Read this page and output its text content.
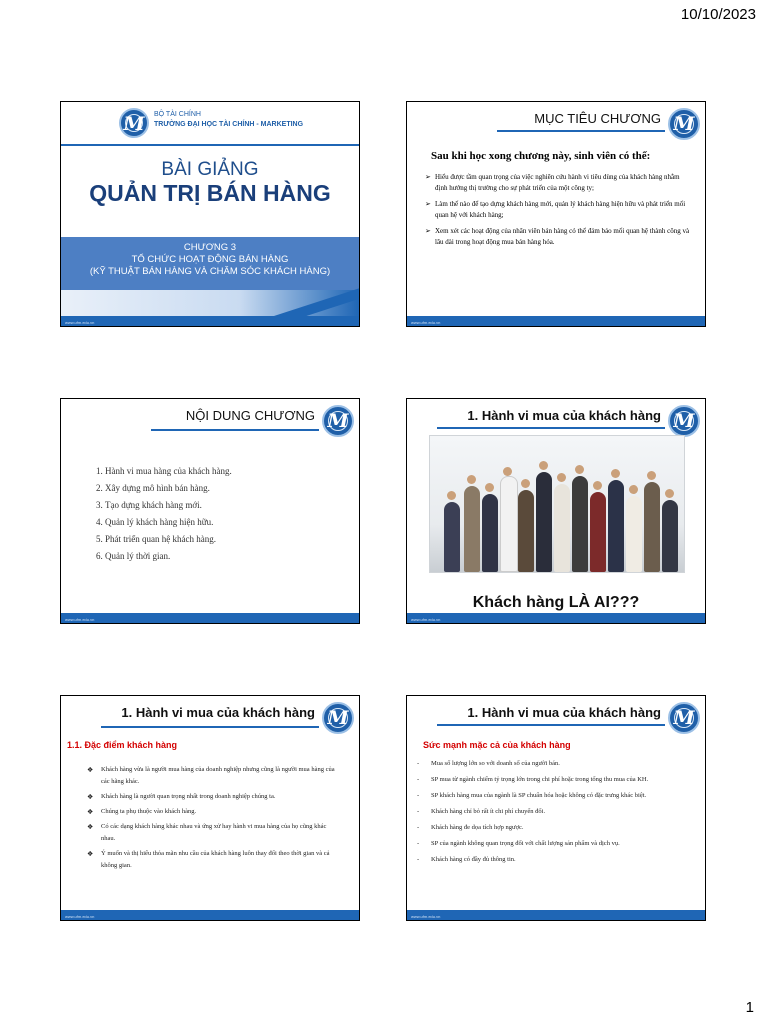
10/10/2023
M	BỘ TÀI CHÍNH
TRƯỜNG ĐẠI HỌC TÀI CHÍNH - MARKETING
BÀI GIẢNG
QUẢN TRỊ BÁN HÀNG
CHƯƠNG 3
TỔ CHỨC HOẠT ĐỘNG BÁN HÀNG
(KỸ THUẬT BÁN HÀNG VÀ CHĂM SÓC KHÁCH HÀNG)
www.ufm.edu.vn
MỤC TIÊU CHƯƠNG M
Sau khi học xong chương này, sinh viên có thể:
➢ Hiểu được tầm quan trọng của việc nghiên cứu hành vi tiêu dùng của khách hàng nhằm định hướng thị trường cho sự phát triển của một công ty;
➢ Làm thế nào để tạo dựng khách hàng mới, quản lý khách hàng hiện hữu và phát triển mối quan hệ với khách hàng;
➢ Xem xét các hoạt động của nhân viên bán hàng có thể đảm bảo mối quan hệ thành công và lâu dài trong hoạt động mua bán hàng hóa.
www.ufm.edu.vn
NỘI DUNG CHƯƠNG M
1. Hành vi mua hàng của khách hàng.
2. Xây dựng mô hình bán hàng.
3. Tạo dựng khách hàng mới.
4. Quản lý khách hàng hiện hữu.
5. Phát triển quan hệ khách hàng.
6. Quản lý thời gian.
www.ufm.edu.vn
1. Hành vi mua của khách hàng M
Khách hàng LÀ AI???
www.ufm.edu.vn
1. Hành vi mua của khách hàng M
1.1. Đặc điểm khách hàng
❖ Khách hàng vừa là người mua hàng của doanh nghiệp nhưng cũng là người mua hàng của các hãng khác.
❖ Khách hàng là người quan trọng nhất trong doanh nghiệp chúng ta.
❖ Chúng ta phụ thuộc vào khách hàng.
❖ Có các dạng khách hàng khác nhau và ứng xử hay hành vi mua hàng của họ cũng khác nhau.
❖ Ý muốn và thị hiếu thỏa mãn nhu cầu của khách hàng luôn thay đổi theo thời gian và cả không gian.
www.ufm.edu.vn
1. Hành vi mua của khách hàng M
Sức mạnh mặc cả của khách hàng
- Mua số lượng lớn so với doanh số của người bán.
- SP mua từ ngành chiếm tỷ trọng lớn trong chi phí hoặc trong tổng thu mua của KH.
- SP khách hàng mua của ngành là SP chuẩn hóa hoặc không có đặc trưng khác biệt.
- Khách hàng chỉ bỏ rất ít chi phí chuyển đổi.
- Khách hàng đe dọa tích hợp ngược.
- SP của ngành không quan trọng đối với chất lượng sản phẩm và dịch vụ.
- Khách hàng có đầy đủ thông tin.
www.ufm.edu.vn
1
